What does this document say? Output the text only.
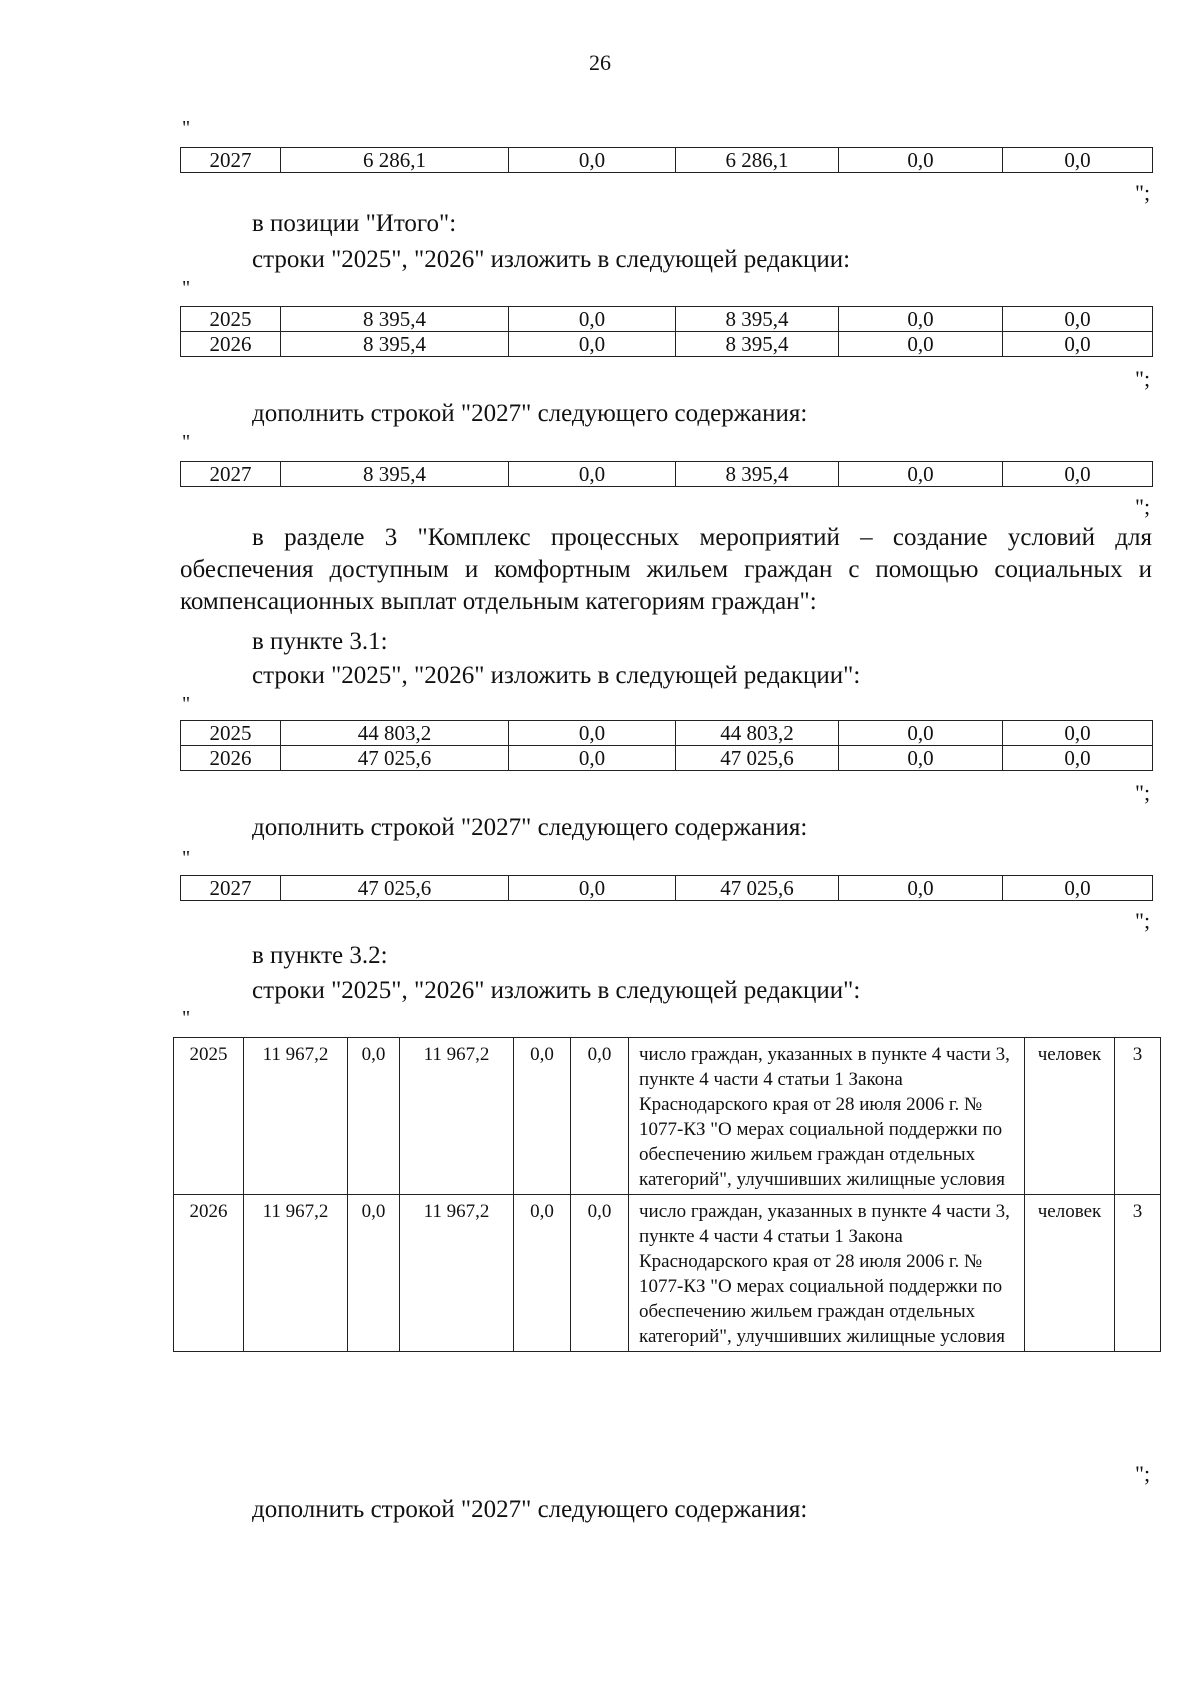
26
"
2027	6 286,1	0,0	6 286,1	0,0	0,0
";
в позиции "Итого":
строки "2025", "2026" изложить в следующей редакции:
"
2025	8 395,4	0,0	8 395,4	0,0	0,0
2026	8 395,4	0,0	8 395,4	0,0	0,0
";
дополнить строкой "2027" следующего содержания:
"
2027	8 395,4	0,0	8 395,4	0,0	0,0
";
в разделе 3 "Комплекс процессных мероприятий – создание условий для обеспечения доступным и комфортным жильем граждан с помощью социальных и компенсационных выплат отдельным категориям граждан":
в пункте 3.1:
строки "2025", "2026" изложить в следующей редакции":
"
2025	44 803,2	0,0	44 803,2	0,0	0,0
2026	47 025,6	0,0	47 025,6	0,0	0,0
";
дополнить строкой "2027" следующего содержания:
"
2027	47 025,6	0,0	47 025,6	0,0	0,0
";
в пункте 3.2:
строки "2025", "2026" изложить в следующей редакции":
"
2025	11 967,2	0,0	11 967,2	0,0	0,0	число граждан, указанных в пункте 4 части 3, пункте 4 части 4 статьи 1 Закона Краснодарского края от 28 июля 2006 г. № 1077-КЗ "О мерах социальной поддержки по обеспечению жильем граждан отдельных категорий", улучшивших жилищные условия	человек	3
2026	11 967,2	0,0	11 967,2	0,0	0,0	число граждан, указанных в пункте 4 части 3, пункте 4 части 4 статьи 1 Закона Краснодарского края от 28 июля 2006 г. № 1077-КЗ "О мерах социальной поддержки по обеспечению жильем граждан отдельных категорий", улучшивших жилищные условия	человек	3
";
дополнить строкой "2027" следующего содержания:
